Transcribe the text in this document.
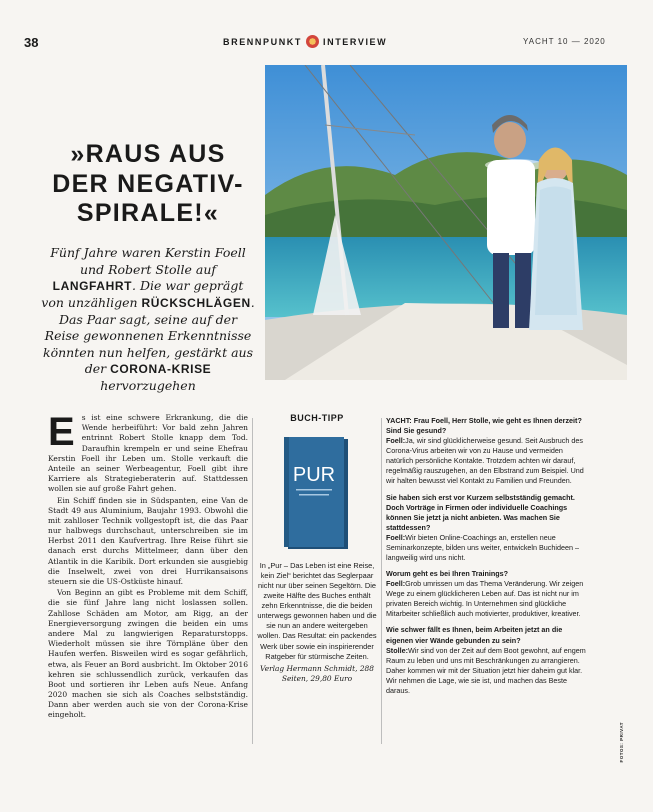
38	BRENNPUNKT INTERVIEW	YACHT 10 — 2020
»RAUS AUS
DER NEGATIV-
SPIRALE!«
Fünf Jahre waren Kerstin Foell und Robert Stolle auf LANGFAHRT. Die war geprägt von unzähligen RÜCKSCHLÄGEN. Das Paar sagt, seine auf der Reise gewonnenen Erkenntnisse könnten nun helfen, gestärkt aus der CORONA-KRISE hervorzugehen

Es ist eine schwere Erkrankung, die die Wende herbeiführt: Vor bald zehn Jahren entrinnt Robert Stolle knapp dem Tod. Daraufhin krempeln er und seine Ehefrau Kerstin Foell ihr Leben um. Stolle verkauft die Anteile an seiner Werbeagentur, Foell gibt ihre Karriere als Strategieberaterin auf. Stattdessen wollen sie auf große Fahrt gehen.

Ein Schiff finden sie in Südspanten, eine Van de Stadt 49 aus Aluminium, Baujahr 1993. Obwohl die mit zahlloser Technik vollgestopft ist, die das Paar nur halbwegs durchschaut, unterschreiben sie im Herbst 2011 den Kaufvertrag. Ihre Reise führt sie danach erst durchs Mittelmeer, dann über den Atlantik in die Karibik. Dort erkunden sie ausgiebig die Inselwelt, zwei von drei Hurrikansaisons steuern sie die US-Ostküste hinauf.

Von Beginn an gibt es Probleme mit dem Schiff, die sie fünf Jahre lang nicht loslassen sollen. Zahllose Schäden am Motor, am Rigg, an der Energieversorgung zwingen die beiden ein ums andere Mal zu langwierigen Reparaturstopps. Wiederholt müssen sie ihre Törnpläne über den Haufen werfen. Bisweilen wird es sogar gefährlich, etwa, als Feuer an Bord ausbricht. Im Oktober 2016 kehren sie schlussendlich zurück, verkaufen das Boot und sortieren ihr Leben aufs Neue. Anfang 2020 machen sie sich als Coaches selbstständig. Dann aber werden auch sie von der Corona-Krise eingeholt.

BUCH-TIPP
PUR
In „Pur – Das Leben ist eine Reise, kein Ziel“ berichtet das Seglerpaar nicht nur über seinen Segeltörn. Die zweite Hälfte des Buches enthält zehn Erkenntnisse, die die beiden unterwegs gewonnen haben und die sie nun an andere weitergeben wollen. Das Resultat: ein packendes Werk über sowie ein inspirierender Ratgeber für stürmische Zeiten.
Verlag Hermann Schmidt, 288 Seiten, 29,80 Euro
YACHT: Frau Foell, Herr Stolle, wie geht es Ihnen derzeit? Sind Sie gesund?
Foell:Ja, wir sind glücklicherweise gesund. Seit Ausbruch des Corona-Virus arbeiten wir von zu Hause und vermeiden natürlich persönliche Kontakte. Trotzdem achten wir darauf, regelmäßig rauszugehen, an den Elbstrand zum Beispiel. Und wir halten bewusst viel Kontakt zu Familien und Freunden.
Sie haben sich erst vor Kurzem selbstständig gemacht. Doch Vorträge in Firmen oder individuelle Coachings können Sie jetzt ja nicht anbieten. Was machen Sie stattdessen?
Foell:Wir bieten Online-Coachings an, erstellen neue Seminarkonzepte, bilden uns weiter, entwickeln Buchideen – langweilig wird uns nicht.
Worum geht es bei Ihren Trainings?
Foell:Grob umrissen um das Thema Veränderung. Wir zeigen Wege zu einem glücklicheren Leben auf. Das ist nicht nur im privaten Bereich wichtig. In Unternehmen sind glückliche Mitarbeiter schließlich auch motivierter, produktiver, kreativer.
Wie schwer fällt es Ihnen, beim Arbeiten jetzt an die eigenen vier Wände gebunden zu sein?
Stolle:Wir sind von der Zeit auf dem Boot gewohnt, auf engem Raum zu leben und uns mit Beschränkungen zu arrangieren. Daher kommen wir mit der Situation jetzt hier daheim gut klar. Wir nehmen die Lage, wie sie ist, und machen das Beste daraus.
FOTOS: PRIVAT
